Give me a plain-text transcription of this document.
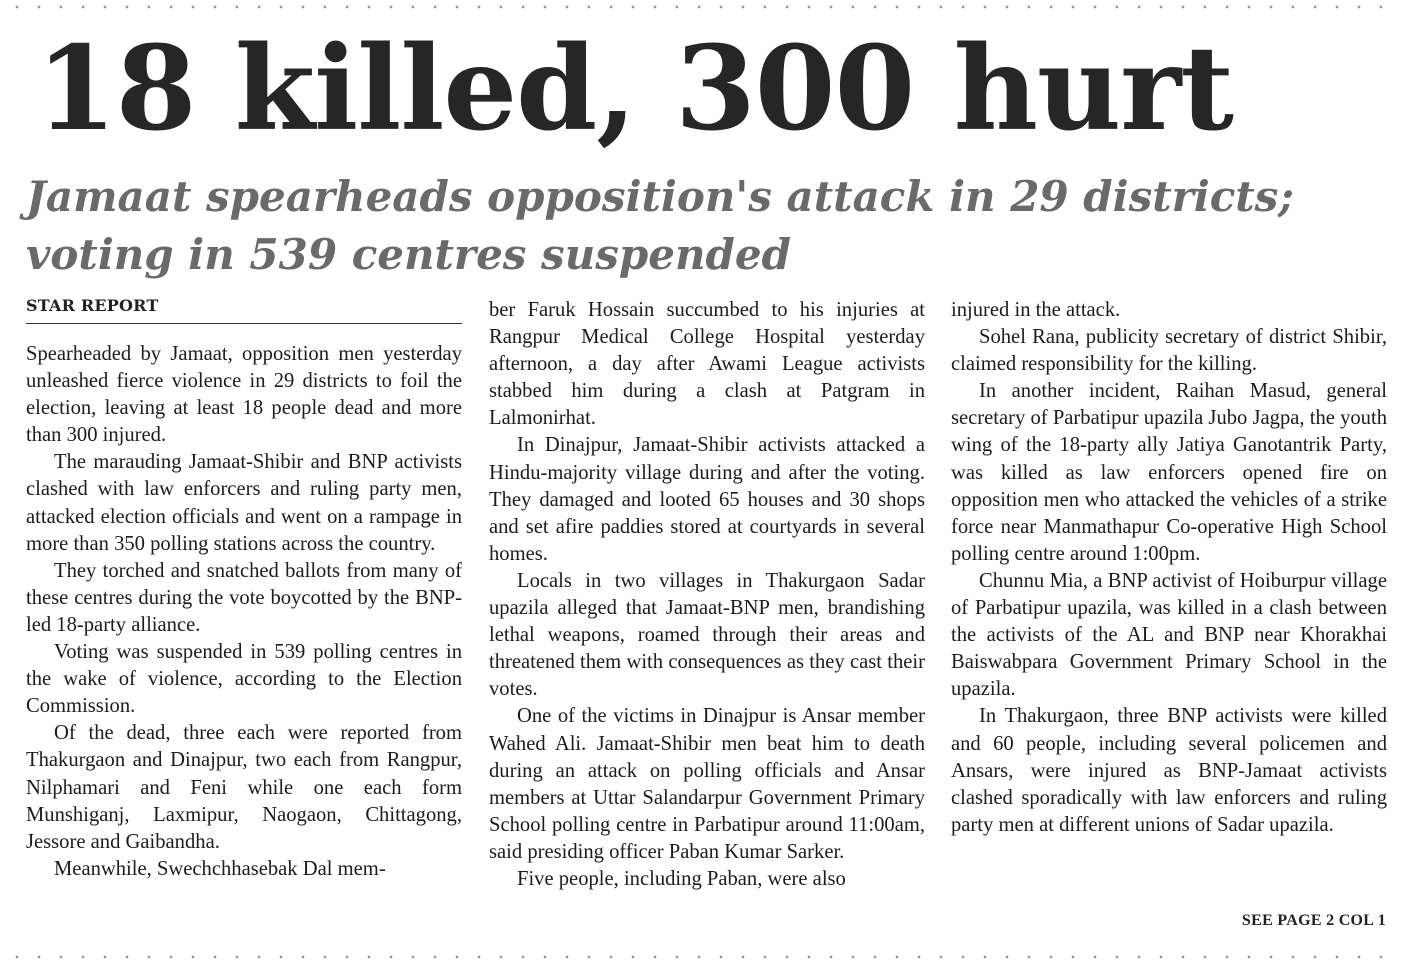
18 killed, 300 hurt
Jamaat spearheads opposition's attack in 29 districts;
voting in 539 centres suspended
STAR REPORT

Spearheaded by Jamaat, opposition men yesterday unleashed fierce violence in 29 districts to foil the election, leaving at least 18 people dead and more than 300 injured.

The marauding Jamaat-Shibir and BNP activists clashed with law enforcers and ruling party men, attacked election officials and went on a rampage in more than 350 polling stations across the country.

They torched and snatched ballots from many of these centres during the vote boycotted by the BNP-led 18-party alliance.

Voting was suspended in 539 polling centres in the wake of violence, according to the Election Commission.

Of the dead, three each were reported from Thakurgaon and Dinajpur, two each from Rangpur, Nilphamari and Feni while one each form Munshiganj, Laxmipur, Naogaon, Chittagong, Jessore and Gaibandha.

Meanwhile, Swechchhasebak Dal mem-

ber Faruk Hossain succumbed to his injuries at Rangpur Medical College Hospital yesterday afternoon, a day after Awami League activists stabbed him during a clash at Patgram in Lalmonirhat.

In Dinajpur, Jamaat-Shibir activists attacked a Hindu-majority village during and after the voting. They damaged and looted 65 houses and 30 shops and set afire paddies stored at courtyards in several homes.

Locals in two villages in Thakurgaon Sadar upazila alleged that Jamaat-BNP men, brandishing lethal weapons, roamed through their areas and threatened them with consequences as they cast their votes.

One of the victims in Dinajpur is Ansar member Wahed Ali. Jamaat-Shibir men beat him to death during an attack on polling officials and Ansar members at Uttar Salandarpur Government Primary School polling centre in Parbatipur around 11:00am, said presiding officer Paban Kumar Sarker.

Five people, including Paban, were also

injured in the attack.

Sohel Rana, publicity secretary of district Shibir, claimed responsibility for the killing.

In another incident, Raihan Masud, general secretary of Parbatipur upazila Jubo Jagpa, the youth wing of the 18-party ally Jatiya Ganotantrik Party, was killed as law enforcers opened fire on opposition men who attacked the vehicles of a strike force near Manmathapur Co-operative High School polling centre around 1:00pm.

Chunnu Mia, a BNP activist of Hoiburpur village of Parbatipur upazila, was killed in a clash between the activists of the AL and BNP near Khorakhai Baiswabpara Government Primary School in the upazila.

In Thakurgaon, three BNP activists were killed and 60 people, including several policemen and Ansars, were injured as BNP-Jamaat activists clashed sporadically with law enforcers and ruling party men at different unions of Sadar upazila.

SEE PAGE 2 COL 1
